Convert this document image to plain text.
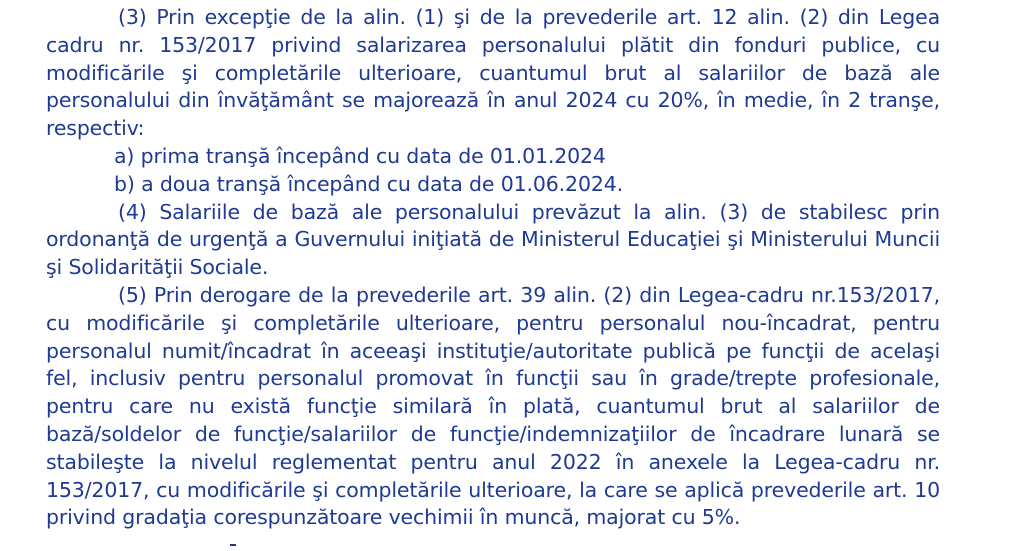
(3) Prin excepţie de la alin. (1) şi de la prevederile art. 12 alin. (2) din Legea cadru nr. 153/2017 privind salarizarea personalului plătit din fonduri publice, cu modificările şi completările ulterioare, cuantumul brut al salariilor de bază ale personalului din învăţământ se majorează în anul 2024 cu 20%, în medie, în 2 tranşe, respectiv:

a) prima tranşă începând cu data de 01.01.2024

b) a doua tranşă începând cu data de 01.06.2024.

(4) Salariile de bază ale personalului prevăzut la alin. (3) de stabilesc prin ordonanţă de urgenţă a Guvernului iniţiată de Ministerul Educaţiei şi Ministerului Muncii şi Solidarităţii Sociale.

(5) Prin derogare de la prevederile art. 39 alin. (2) din Legea-cadru nr.153/2017, cu modificările şi completările ulterioare, pentru personalul nou-încadrat, pentru personalul numit/încadrat în aceeaşi instituţie/autoritate publică pe funcţii de acelaşi fel, inclusiv pentru personalul promovat în funcţii sau în grade/trepte profesionale, pentru care nu există funcţie similară în plată, cuantumul brut al salariilor de bază/soldelor de funcţie/salariilor de funcţie/indemnizaţiilor de încadrare lunară se stabileşte la nivelul reglementat pentru anul 2022 în anexele la Legea-cadru nr. 153/2017, cu modificările şi completările ulterioare, la care se aplică prevederile art. 10 privind gradaţia corespunzătoare vechimii în muncă, majorat cu 5%.
